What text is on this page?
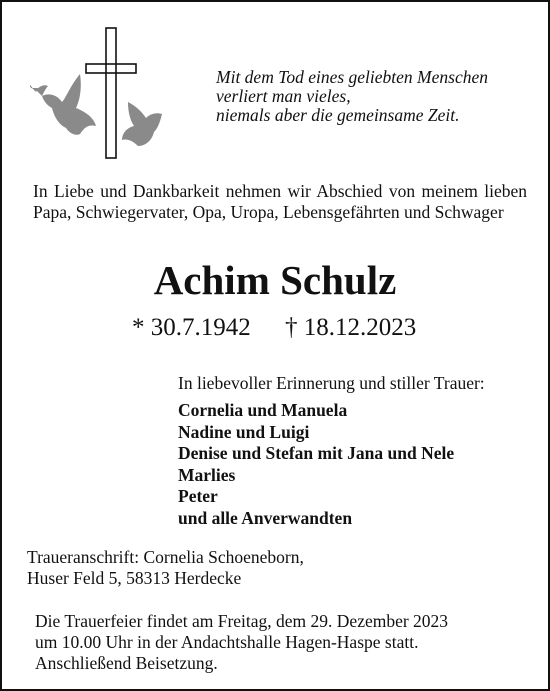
Mit dem Tod eines geliebten Menschen
verliert man vieles,
niemals aber die gemeinsame Zeit.
In Liebe und Dankbarkeit nehmen wir Abschied von meinem lieben Papa, Schwiegervater, Opa, Uropa, Lebensgefährten und Schwager
Achim Schulz
* 30.7.1942 † 18.12.2023
In liebevoller Erinnerung und stiller Trauer:
Cornelia und Manuela
Nadine und Luigi
Denise und Stefan mit Jana und Nele
Marlies
Peter
und alle Anverwandten
Traueranschrift: Cornelia Schoeneborn,
Huser Feld 5, 58313 Herdecke
Die Trauerfeier findet am Freitag, dem 29. Dezember 2023
um 10.00 Uhr in der Andachtshalle Hagen-Haspe statt.
Anschließend Beisetzung.
